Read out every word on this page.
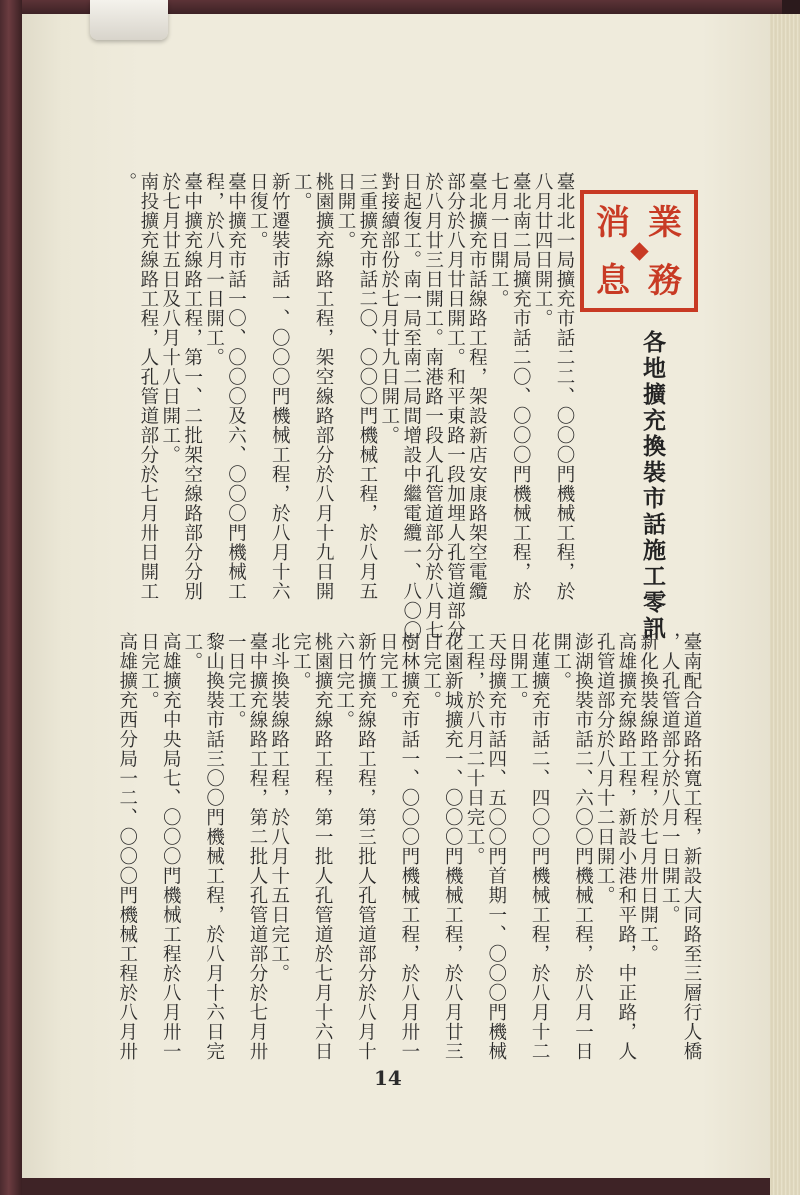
業
務
消
息
各地擴充換裝市話施工零訊
臺北北一局擴充市話二二、〇〇〇門機械工程，於
八月廿四日開工。
臺北南二局擴充市話二〇、〇〇〇門機械工程，於
七月一日開工。
臺北擴充市話線路工程，架設新店安康路架空電纜
部分於八月廿日開工。和平東路一段加埋人孔管道部分
於八月廿三日開工。南港路一段人孔管道部分於八月七
日起復工。南一局至南二局間增設中繼電纜一、八〇〇
對接續部份於七月廿九日開工。
三重擴充市話二〇、〇〇〇門機械工程，於八月五
日開工。
桃園擴充線路工程，架空線路部分於八月十九日開
工。
新竹遷裝市話一、〇〇〇門機械工程，於八月十六
日復工。
臺中擴充市話一〇、〇〇〇及六、〇〇〇門機械工
程，於八月一日開工。
臺中擴充線路工程，第一、二批架空線路部分分別
於七月廿五日及八月十八日開工。
南投擴充線路工程，人孔管道部分於七月卅日開工
。
臺南配合道路拓寬工程，新設大同路至三層行人橋
，人孔管道部分於八月一日開工。
新化換裝線路工程，於七月卅日開工。
高雄擴充線路工程，新設小港和平路，中正路，人
孔管道部分於八月十二日開工。
澎湖換裝市話二、六〇〇門機械工程，於八月一日
開工。
花蓮擴充市話二、四〇〇門機械工程，於八月十二
日開工。
天母擴充市話四、五〇〇門首期一、〇〇〇門機械
工程，於八月二十日完工。
花園新城擴充一、〇〇〇門機械工程，於八月廿三
日完工。
樹林擴充市話一、〇〇〇門機械工程，於八月卅一
日完工。
新竹擴充線路工程，第三批人孔管道部分於八月十
六日完工。
桃園擴充線路工程，第一批人孔管道於七月十六日
完工。
北斗換裝線路工程，於八月十五日完工。
臺中擴充線路工程，第二批人孔管道部分於七月卅
一日完工。
黎山換裝市話三〇〇門機械工程，於八月十六日完
工。
高雄擴充中央局七、〇〇〇門機械工程於八月卅一
日完工。
高雄擴充西分局一二、〇〇〇門機械工程於八月卅
14
